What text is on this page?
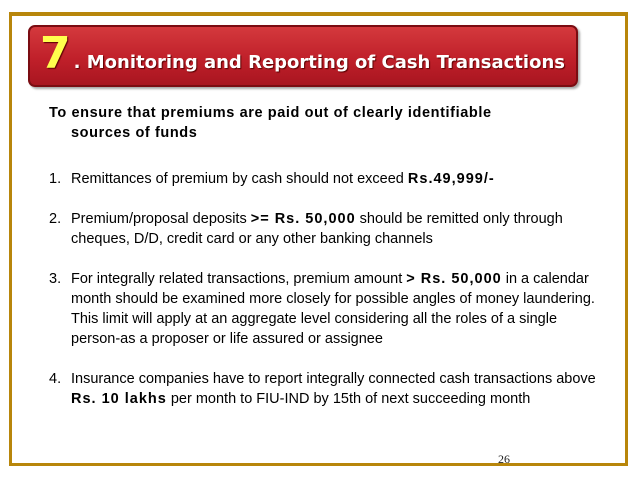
7 . Monitoring and Reporting of Cash Transactions
To ensure that premiums are paid out of clearly identifiable
sources of funds
1. Remittances of premium by cash should not exceed Rs.49,999/-
2. Premium/proposal deposits >= Rs. 50,000 should be remitted only through cheques, D/D, credit card or any other banking channels
3. For integrally related transactions, premium amount > Rs. 50,000 in a calendar month should be examined more closely for possible angles of money laundering. This limit will apply at an aggregate level considering all the roles of a single person-as a proposer or life assured or assignee
4. Insurance companies have to report integrally connected cash transactions above Rs. 10 lakhs per month to FIU-IND by 15th of next succeeding month
26
